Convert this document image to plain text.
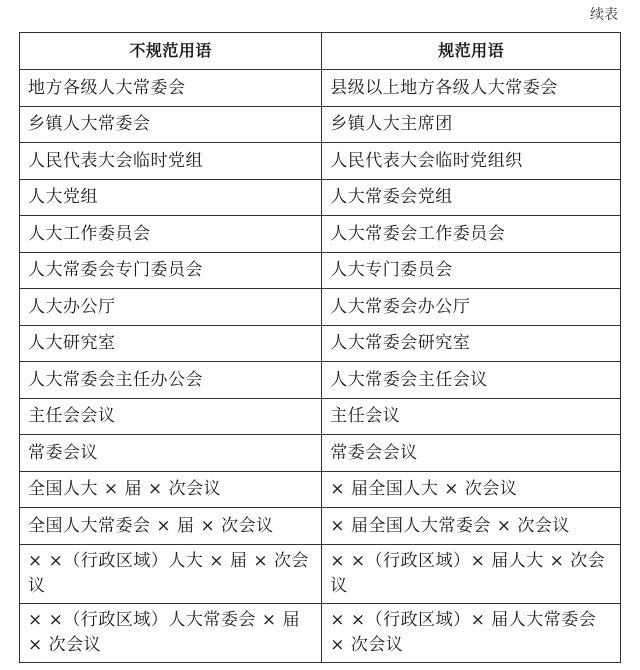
续表
不规范用语	规范用语
地方各级人大常委会	县级以上地方各级人大常委会
乡镇人大常委会	乡镇人大主席团
人民代表大会临时党组	人民代表大会临时党组织
人大党组	人大常委会党组
人大工作委员会	人大常委会工作委员会
人大常委会专门委员会	人大专门委员会
人大办公厅	人大常委会办公厅
人大研究室	人大常委会研究室
人大常委会主任办公会	人大常委会主任会议
主任会会议	主任会议
常委会议	常委会会议
全国人大 × 届 × 次会议	× 届全国人大 × 次会议
全国人大常委会 × 届 × 次会议	× 届全国人大常委会 × 次会议
× ×（行政区域）人大 × 届 × 次会议	× ×（行政区域）× 届人大 × 次会议
× ×（行政区域）人大常委会 × 届 × 次会议	× ×（行政区域）× 届人大常委会 × 次会议
